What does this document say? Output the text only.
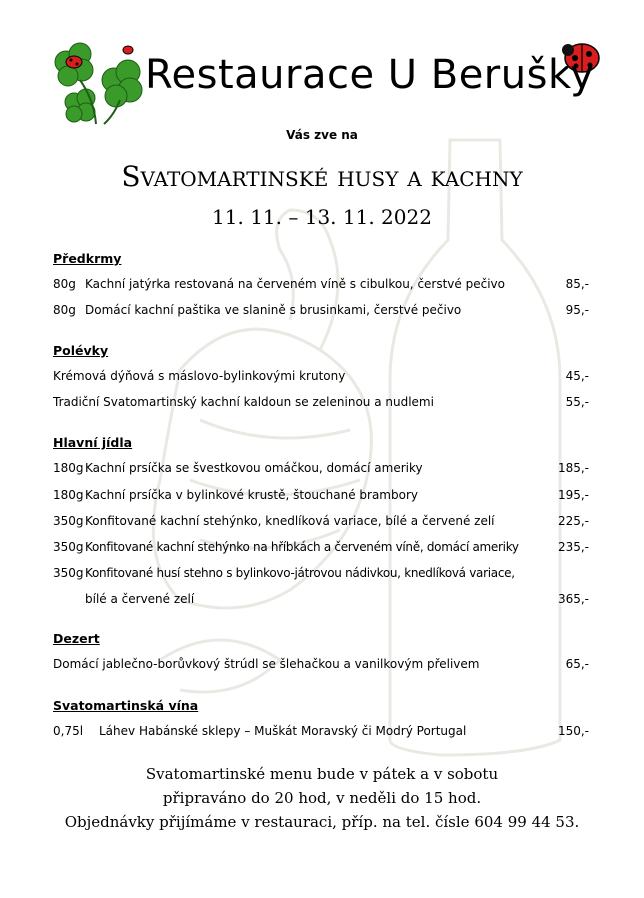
Restaurace U Berušky
Vás zve na
Svatomartinské husy a kachny
11. 11. – 13. 11. 2022
Předkrmy
80g Kachní jatýrka restovaná na červeném víně s cibulkou, čerstvé pečivo	85,-
80g Domácí kachní paštika ve slanině s brusinkami, čerstvé pečivo	95,-
Polévky
Krémová dýňová s máslovo-bylinkovými krutony	45,-
Tradiční Svatomartinský kachní kaldoun se zeleninou a nudlemi	55,-
Hlavní jídla
180gKachní prsíčka se švestkovou omáčkou, domácí ameriky	185,-
180gKachní prsíčka v bylinkové krustě, štouchané brambory	195,-
350gKonfitované kachní stehýnko, knedlíková variace, bílé a červené zelí	225,-
350gKonfitované kachní stehýnko na hříbkách a červeném víně, domácí ameriky	235,-
350gKonfitované husí stehno s bylinkovo-játrovou nádivkou, knedlíková variace,
bílé a červené zelí	365,-
Dezert
Domácí jablečno-borůvkový štrúdl se šlehačkou a vanilkovým přelivem	65,-
Svatomartinská vína
0,75l Láhev Habánské sklepy – Muškát Moravský či Modrý Portugal	150,-
Svatomartinské menu bude v pátek a v sobotu
připraváno do 20 hod, v neděli do 15 hod.
Objednávky přijímáme v restauraci, příp. na tel. čísle 604 99 44 53.
